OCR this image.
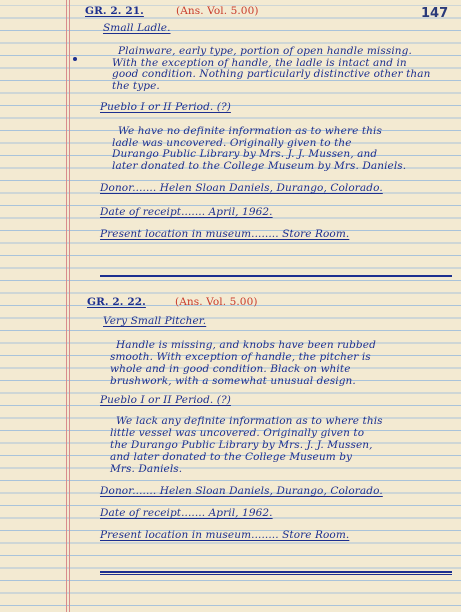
147
GR. 2. 21.	(Ans. Vol. 5.00)
Small Ladle.
Plainware, early type, portion of open handle missing.
With the exception of handle, the ladle is intact and in
good condition. Nothing particularly distinctive other than
the type.
Pueblo I or II Period. (?)
We have no definite information as to where this
ladle was uncovered. Originally given to the
Durango Public Library by Mrs. J. J. Mussen, and
later donated to the College Museum by Mrs. Daniels.
Donor....... Helen Sloan Daniels, Durango, Colorado.
Date of receipt....... April, 1962.
Present location in museum........ Store Room.
GR. 2. 22.	(Ans. Vol. 5.00)
Very Small Pitcher.
Handle is missing, and knobs have been rubbed
smooth. With exception of handle, the pitcher is
whole and in good condition. Black on white
brushwork, with a somewhat unusual design.
Pueblo I or II Period. (?)
We lack any definite information as to where this
little vessel was uncovered. Originally given to
the Durango Public Library by Mrs. J. J. Mussen,
and later donated to the College Museum by
Mrs. Daniels.
Donor....... Helen Sloan Daniels, Durango, Colorado.
Date of receipt....... April, 1962.
Present location in museum........ Store Room.
